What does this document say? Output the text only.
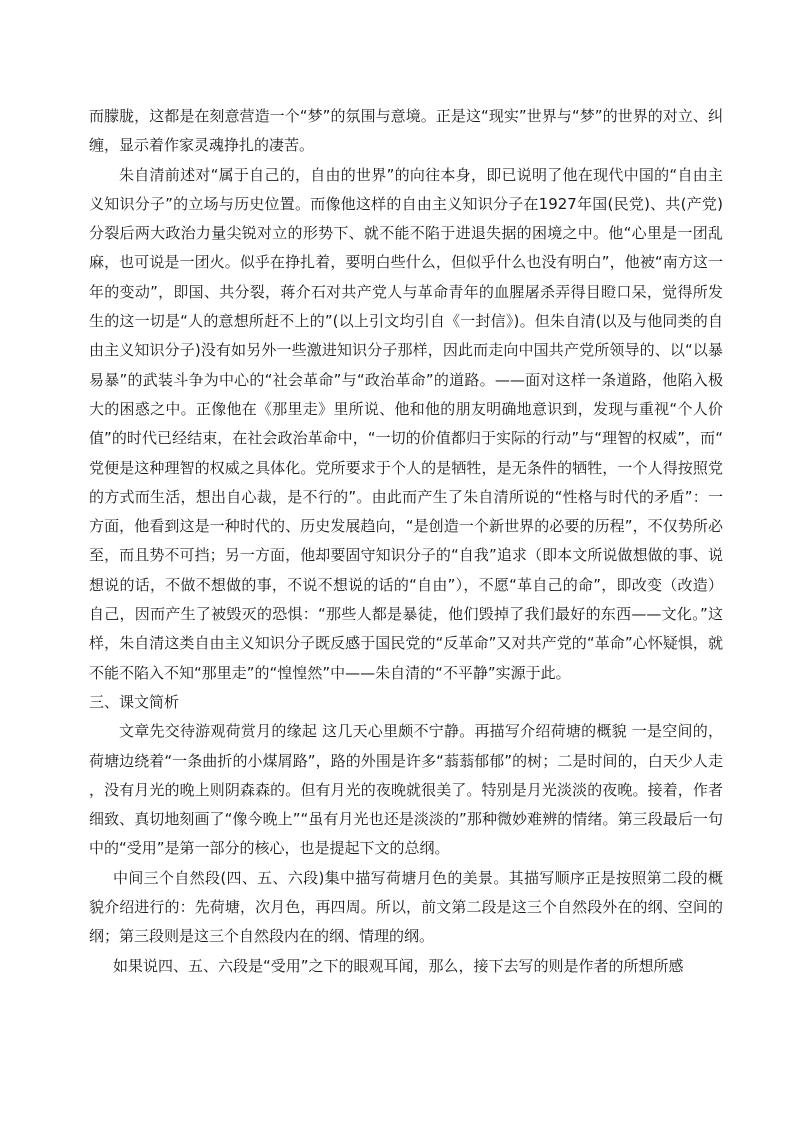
而朦胧，这都是在刻意营造一个“梦”的氛围与意境。正是这“现实”世界与“梦”的世界的对立、纠缠，显示着作家灵魂挣扎的凄苦。

朱自清前述对“属于自己的，自由的世界”的向往本身，即已说明了他在现代中国的“自由主义知识分子”的立场与历史位置。而像他这样的自由主义知识分子在1927年国(民党)、共(产党)分裂后两大政治力量尖锐对立的形势下、就不能不陷于进退失据的困境之中。他“心里是一团乱麻，也可说是一团火。似乎在挣扎着，要明白些什么，但似乎什么也没有明白”，他被“南方这一年的变动”，即国、共分裂，蒋介石对共产党人与革命青年的血腥屠杀弄得目瞪口呆，觉得所发生的这一切是“人的意想所赶不上的”(以上引文均引自《一封信》)。但朱自清(以及与他同类的自由主义知识分子)没有如另外一些激进知识分子那样，因此而走向中国共产党所领导的、以“以暴易暴”的武装斗争为中心的“社会革命”与“政治革命”的道路。——面对这样一条道路，他陷入极大的困惑之中。正像他在《那里走》里所说、他和他的朋友明确地意识到，发现与重视“个人价值”的时代已经结束，在社会政治革命中，“一切的价值都归于实际的行动”与“理智的权威”，而“党便是这种理智的权威之具体化。党所要求于个人的是牺牲，是无条件的牺牲，一个人得按照党的方式而生活，想出自心裁，是不行的”。由此而产生了朱自清所说的“性格与时代的矛盾”：一方面，他看到这是一种时代的、历史发展趋向，“是创造一个新世界的必要的历程”，不仅势所必至，而且势不可挡；另一方面，他却要固守知识分子的“自我”追求（即本文所说做想做的事、说想说的话，不做不想做的事，不说不想说的话的“自由”），不愿“革自己的命”，即改变（改造）自己，因而产生了被毁灭的恐惧：“那些人都是暴徒，他们毁掉了我们最好的东西——文化。”这样，朱自清这类自由主义知识分子既反感于国民党的“反革命”又对共产党的“革命”心怀疑惧，就不能不陷入不知“那里走”的“惶惶然”中——朱自清的“不平静”实源于此。

三、课文简析

文章先交待游观荷赏月的缘起 这几天心里颇不宁静。再描写介绍荷塘的概貌 一是空间的，荷塘边绕着“一条曲折的小煤屑路”，路的外围是许多“蓊蓊郁郁”的树；二是时间的，白天少人走，没有月光的晚上则阴森森的。但有月光的夜晚就很美了。特别是月光淡淡的夜晚。接着，作者细致、真切地刻画了“像今晚上”“虽有月光也还是淡淡的”那种微妙难辨的情绪。第三段最后一句中的“受用”是第一部分的核心，也是提起下文的总纲。

中间三个自然段(四、五、六段)集中描写荷塘月色的美景。其描写顺序正是按照第二段的概貌介绍进行的：先荷塘，次月色，再四周。所以，前文第二段是这三个自然段外在的纲、空间的纲；第三段则是这三个自然段内在的纲、情理的纲。

如果说四、五、六段是“受用”之下的眼观耳闻，那么，接下去写的则是作者的所想所感
